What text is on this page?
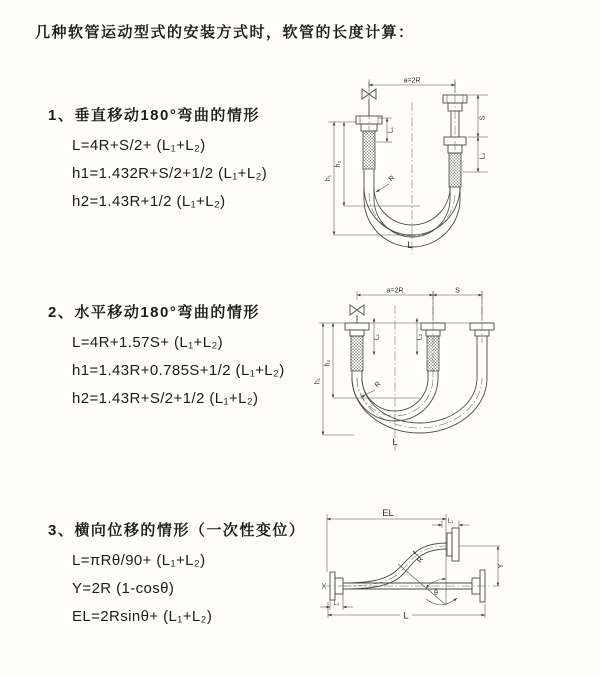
几种软管运动型式的安装方式时，软管的长度计算：
1、垂直移动180°弯曲的情形
L=4R+S/2+ (L₁+L₂)
h1=1.432R+S/2+1/2 (L₁+L₂)
h2=1.43R+1/2 (L₁+L₂)
2、水平移动180°弯曲的情形
L=4R+1.57S+ (L₁+L₂)
h1=1.43R+0.785S+1/2 (L₁+L₂)
h2=1.43R+S/2+1/2 (L₁+L₂)
3、横向位移的情形（一次性变位）
L=πRθ/90+ (L₁+L₂)
Y=2R (1-cosθ)
EL=2Rsinθ+ (L₁+L₂)
a=2R
S
L₂
h₁
h₂
L₁
R
L
a=2R	S
h₁
h₂
L₁	L₂
R
L
θ
EL
L₁
Y
R
L₂
L
